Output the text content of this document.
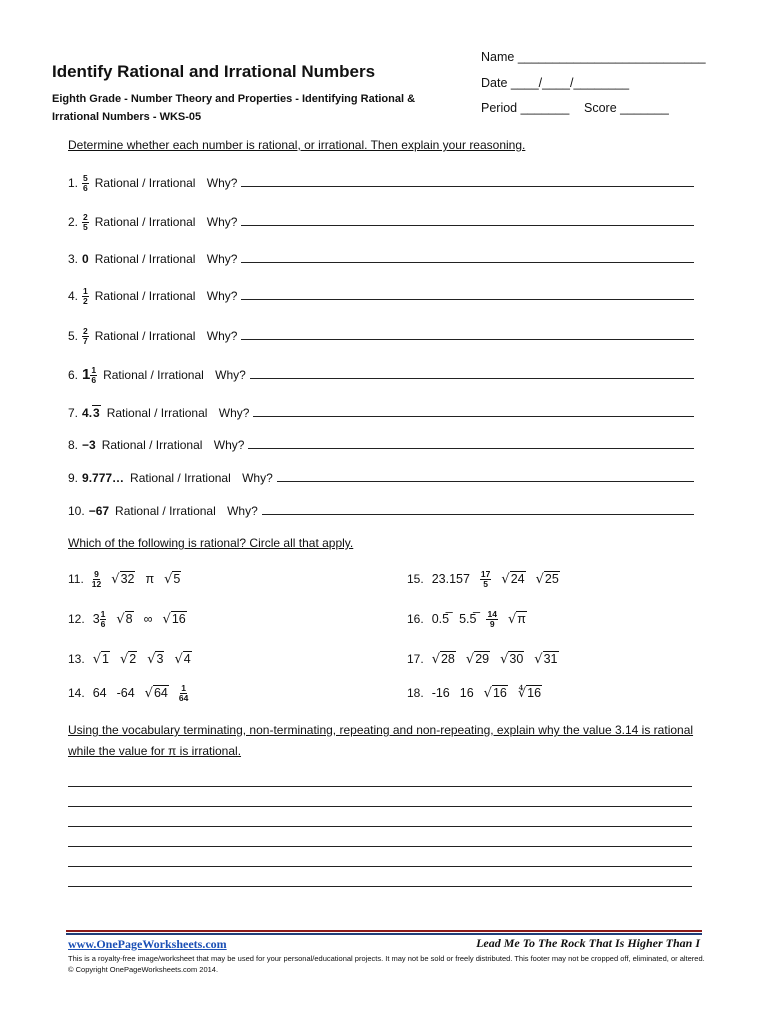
Identify Rational and Irrational Numbers
Eighth Grade - Number Theory and Properties - Identifying Rational & Irrational Numbers - WKS-05
Name ___________________________
Date ____/____/________
Period _______ Score _______
Determine whether each number is rational, or irrational. Then explain your reasoning.
1. $\frac{5}{6}$ Rational / Irrational Why?
2. $\frac{2}{5}$ Rational / Irrational Why?
3. 0 Rational / Irrational Why?
4. $\frac{1}{2}$ Rational / Irrational Why?
5. $\frac{2}{7}$ Rational / Irrational Why?
6. $1 \frac{1}{6}$ Rational / Irrational Why?
7. 4.3 Rational / Irrational Why?
8. −3 Rational / Irrational Why?
9. 9.777… Rational / Irrational Why?
10. −67 Rational / Irrational Why?
Which of the following is rational? Circle all that apply.
11. $\frac{9}{12} √32$ π √5
12. $3 \frac{1}{6} √8$ ∞ √16
13. √1 √2 √3 √4
14. 64 -64 $√64 \frac{1}{64}$
15. $23.157 \frac{17}{5} √24$ √25
16. 0.5̅ 5.5̅ $\frac{14}{9} √\pi$
17. √28 √29 √30 √31
18. -16 16 √16 ∜16
Using the vocabulary terminating, non-terminating, repeating and non-repeating, explain why the value 3.14 is rational while the value for π is irrational.
www.OnePageWorksheets.com	Lead Me To The Rock That Is Higher Than I
This is a royalty-free image/worksheet that may be used for your personal/educational projects. It may not be sold or freely distributed. This footer may not be cropped off, eliminated, or altered. © Copyright OnePageWorksheets.com 2014.
